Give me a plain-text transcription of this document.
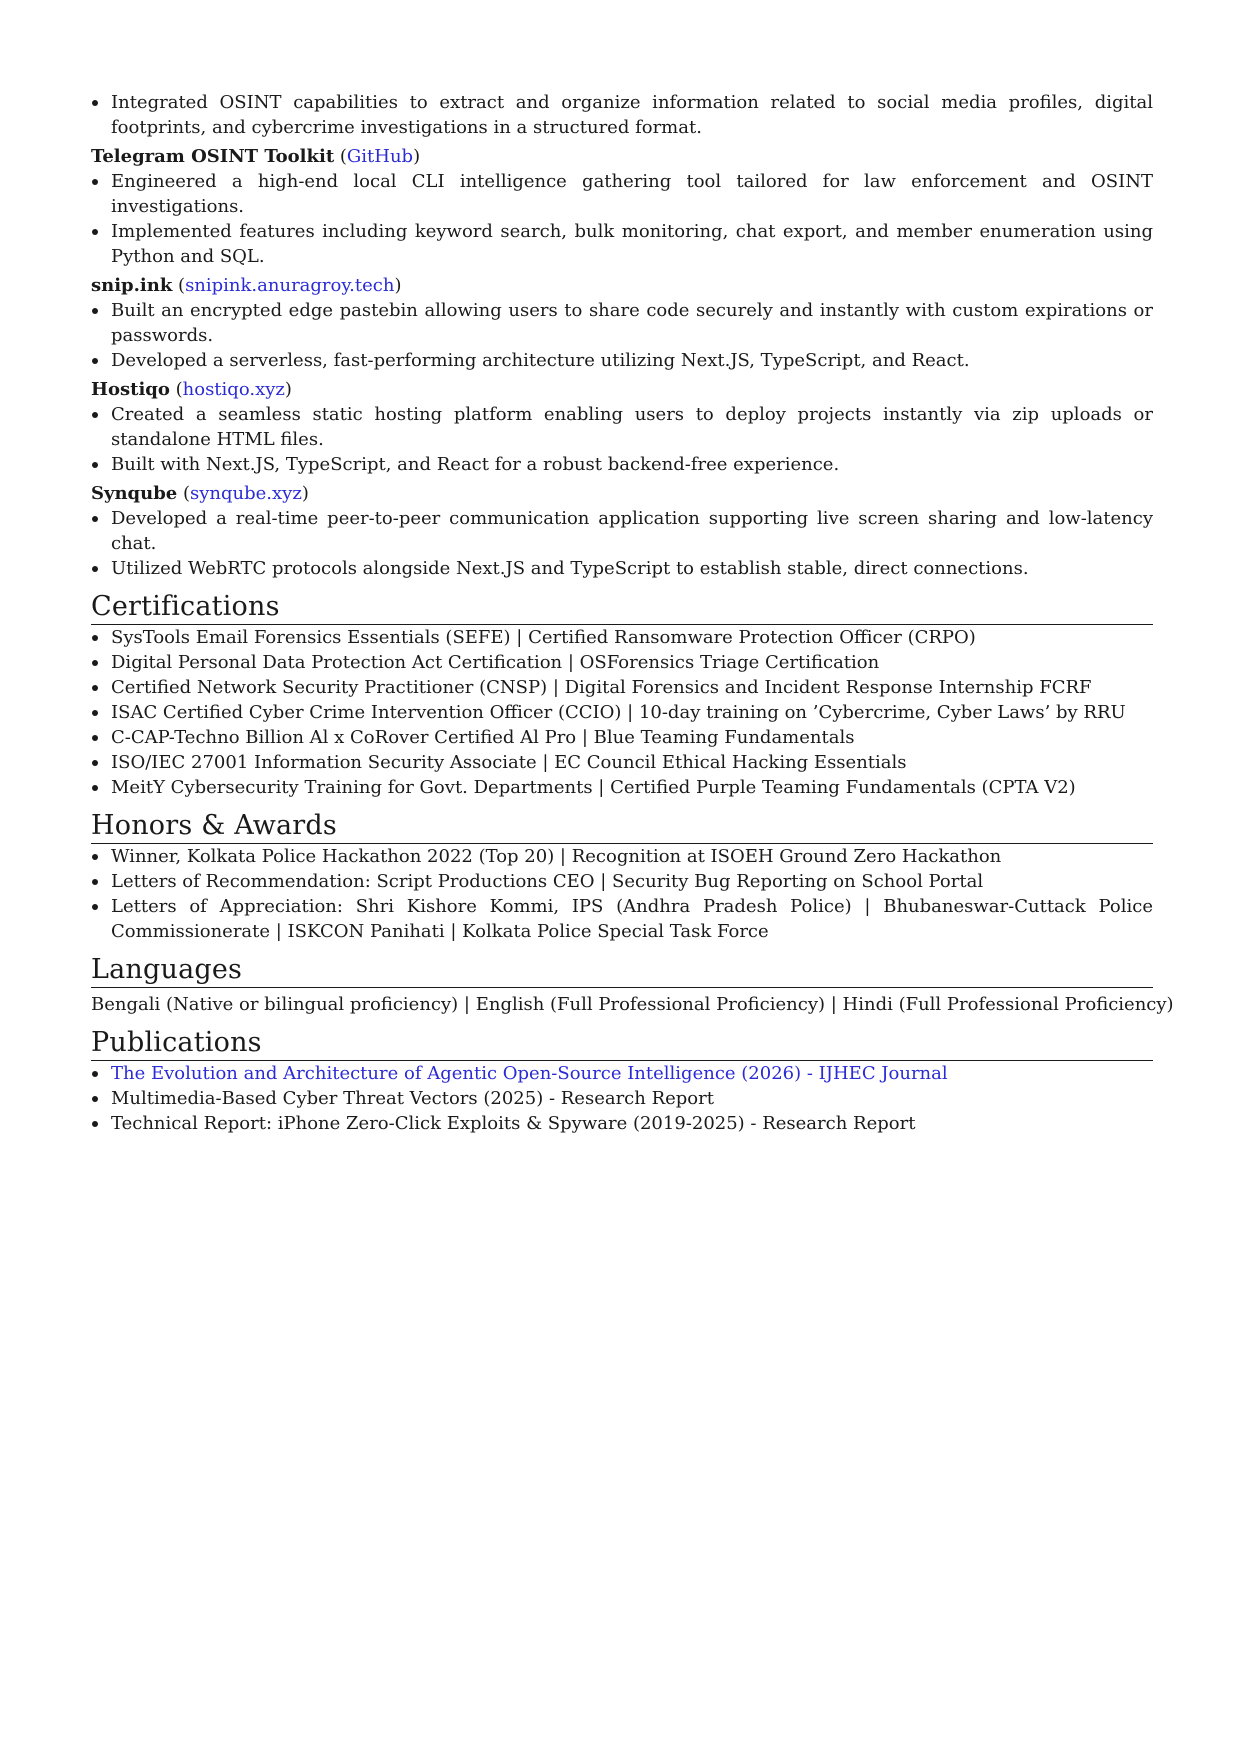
Integrated OSINT capabilities to extract and organize information related to social media profiles, digital footprints, and cybercrime investigations in a structured format.
Telegram OSINT Toolkit (GitHub)
Engineered a high-end local CLI intelligence gathering tool tailored for law enforcement and OSINT investigations.
Implemented features including keyword search, bulk monitoring, chat export, and member enumeration using Python and SQL.
snip.ink (snipink.anuragroy.tech)
Built an encrypted edge pastebin allowing users to share code securely and instantly with custom expirations or passwords.
Developed a serverless, fast-performing architecture utilizing Next.JS, TypeScript, and React.
Hostiqo (hostiqo.xyz)
Created a seamless static hosting platform enabling users to deploy projects instantly via zip uploads or standalone HTML files.
Built with Next.JS, TypeScript, and React for a robust backend-free experience.
Synqube (synqube.xyz)
Developed a real-time peer-to-peer communication application supporting live screen sharing and low-latency chat.
Utilized WebRTC protocols alongside Next.JS and TypeScript to establish stable, direct connections.
Certifications
SysTools Email Forensics Essentials (SEFE) | Certified Ransomware Protection Officer (CRPO)
Digital Personal Data Protection Act Certification | OSForensics Triage Certification
Certified Network Security Practitioner (CNSP) | Digital Forensics and Incident Response Internship FCRF
ISAC Certified Cyber Crime Intervention Officer (CCIO) | 10-day training on ’Cybercrime, Cyber Laws’ by RRU
C-CAP-Techno Billion Al x CoRover Certified Al Pro | Blue Teaming Fundamentals
ISO/IEC 27001 Information Security Associate | EC Council Ethical Hacking Essentials
MeitY Cybersecurity Training for Govt. Departments | Certified Purple Teaming Fundamentals (CPTA V2)
Honors & Awards
Winner, Kolkata Police Hackathon 2022 (Top 20) | Recognition at ISOEH Ground Zero Hackathon
Letters of Recommendation: Script Productions CEO | Security Bug Reporting on School Portal
Letters of Appreciation: Shri Kishore Kommi, IPS (Andhra Pradesh Police) | Bhubaneswar-Cuttack Police Commissionerate | ISKCON Panihati | Kolkata Police Special Task Force
Languages
Bengali (Native or bilingual proficiency) | English (Full Professional Proficiency) | Hindi (Full Professional Proficiency)
Publications
The Evolution and Architecture of Agentic Open-Source Intelligence (2026) - IJHEC Journal
Multimedia-Based Cyber Threat Vectors (2025) - Research Report
Technical Report: iPhone Zero-Click Exploits & Spyware (2019-2025) - Research Report
